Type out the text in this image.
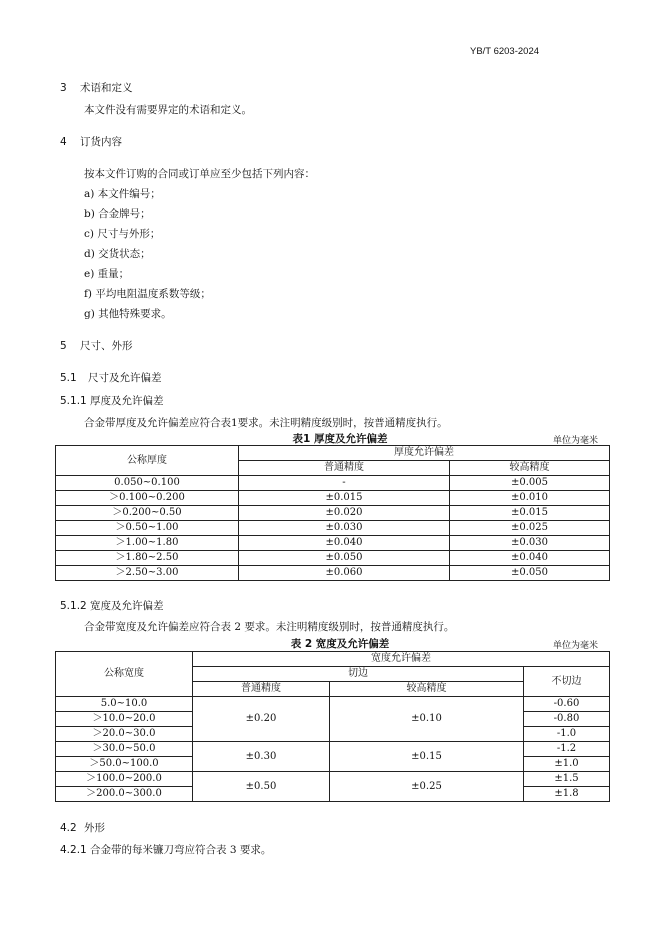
YB/T 6203-2024
3 术语和定义
本文件没有需要界定的术语和定义。
4 订货内容
按本文件订购的合同或订单应至少包括下列内容：
a) 本文件编号；
b) 合金牌号；
c) 尺寸与外形；
d) 交货状态；
e) 重量；
f) 平均电阻温度系数等级；
g) 其他特殊要求。
5 尺寸、外形
5.1 尺寸及允许偏差
5.1.1 厚度及允许偏差
合金带厚度及允许偏差应符合表1要求。未注明精度级别时，按普通精度执行。
表1 厚度及允许偏差	单位为毫米
公称厚度	厚度允许偏差	
	普通精度	较高精度
0.050~0.100	-	±0.005
＞0.100~0.200	±0.015	±0.010
＞0.200~0.50	±0.020	±0.015
＞0.50~1.00	±0.030	±0.025
＞1.00~1.80	±0.040	±0.030
＞1.80~2.50	±0.050	±0.040
＞2.50~3.00	±0.060	±0.050
5.1.2 宽度及允许偏差
合金带宽度及允许偏差应符合表 2 要求。未注明精度级别时，按普通精度执行。
表 2 宽度及允许偏差	单位为毫米
公称宽度	宽度允许偏差		
	切边		不切边
	普通精度	较高精度	
5.0~10.0	±0.20	±0.10	-0.60
＞10.0~20.0			-0.80
＞20.0~30.0			-1.0
＞30.0~50.0	±0.30	±0.15	-1.2
＞50.0~100.0			±1.0
＞100.0~200.0	±0.50	±0.25	±1.5
＞200.0~300.0			±1.8
4.2 外形
4.2.1 合金带的每米镰刀弯应符合表 3 要求。
